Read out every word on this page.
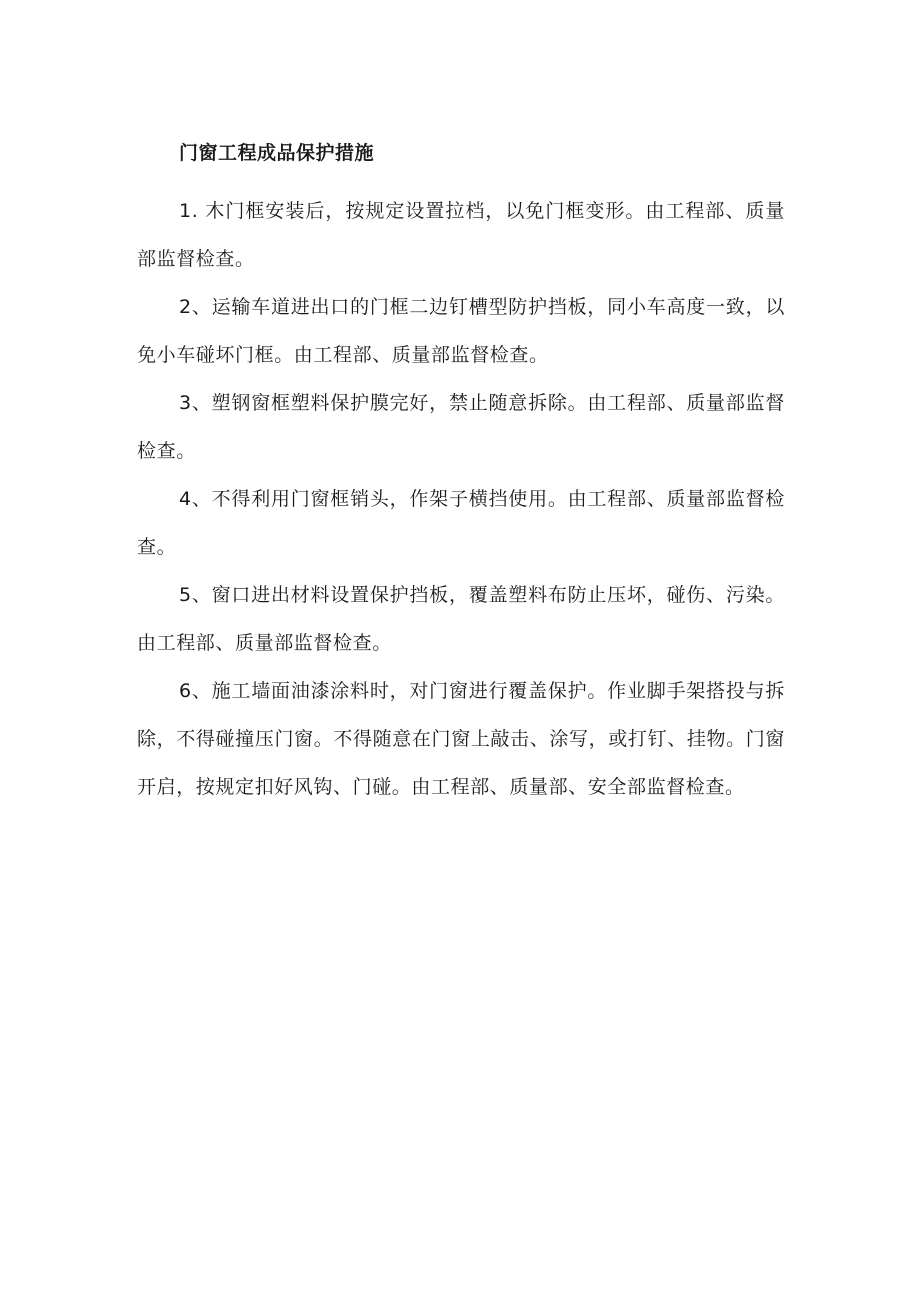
门窗工程成品保护措施

1. 木门框安装后，按规定设置拉档，以免门框变形。由工程部、质量部监督检查。

2、运输车道进出口的门框二边钉槽型防护挡板，同小车高度一致，以免小车碰坏门框。由工程部、质量部监督检查。

3、塑钢窗框塑料保护膜完好，禁止随意拆除。由工程部、质量部监督检查。

4、不得利用门窗框销头，作架子横挡使用。由工程部、质量部监督检查。

5、窗口进出材料设置保护挡板，覆盖塑料布防止压坏，碰伤、污染。由工程部、质量部监督检查。

6、施工墙面油漆涂料时，对门窗进行覆盖保护。作业脚手架搭投与拆除，不得碰撞压门窗。不得随意在门窗上敲击、涂写，或打钉、挂物。门窗开启，按规定扣好风钩、门碰。由工程部、质量部、安全部监督检查。
